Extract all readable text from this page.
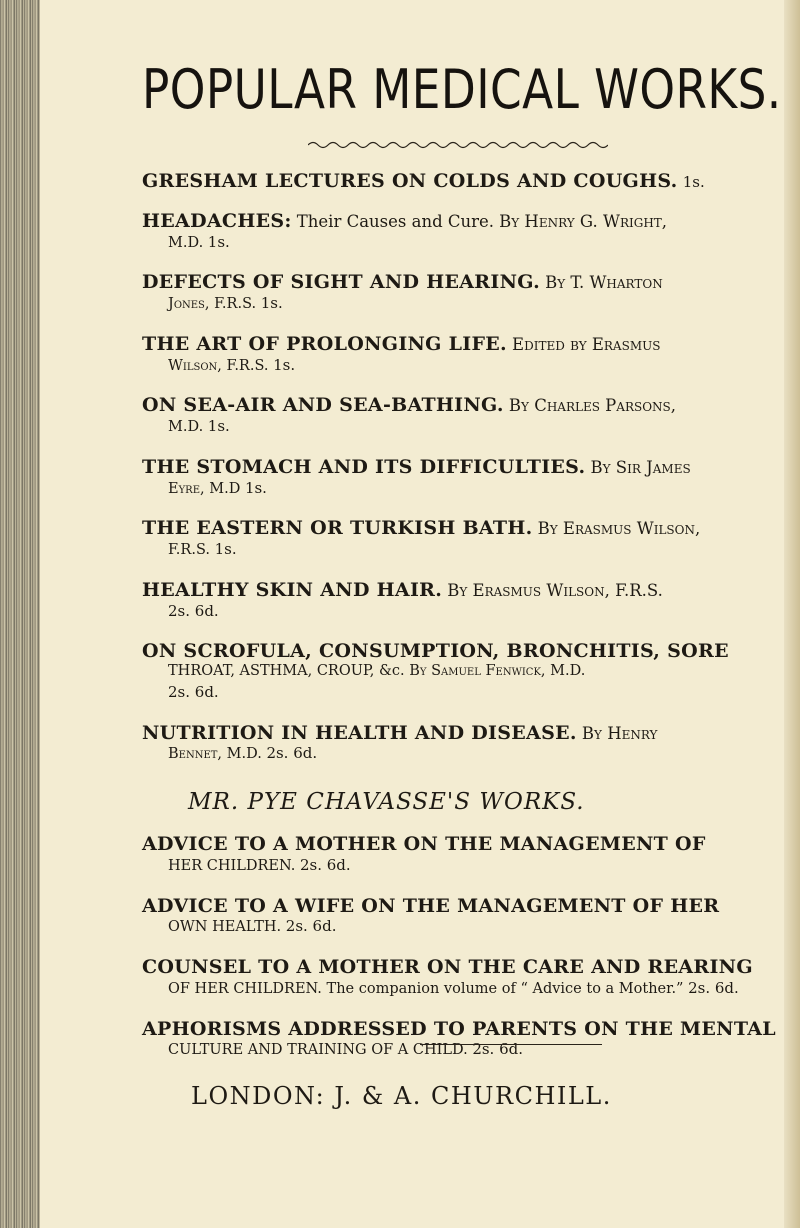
POPULAR MEDICAL WORKS.

GRESHAM LECTURES ON COLDS AND COUGHS. 1s.

HEADACHES: Their Causes and Cure. By Henry G. Wright,

M.D. 1s.

DEFECTS OF SIGHT AND HEARING. By T. Wharton

Jones, F.R.S. 1s.

THE ART OF PROLONGING LIFE. Edited by Erasmus

Wilson, F.R.S. 1s.

ON SEA-AIR AND SEA-BATHING. By Charles Parsons,

M.D. 1s.

THE STOMACH AND ITS DIFFICULTIES. By Sir James

Eyre, M.D 1s.

THE EASTERN OR TURKISH BATH. By Erasmus Wilson,

F.R.S. 1s.

HEALTHY SKIN AND HAIR. By Erasmus Wilson, F.R.S.

2s. 6d.

ON SCROFULA, CONSUMPTION, BRONCHITIS, SORE

THROAT, ASTHMA, CROUP, &c. By Samuel Fenwick, M.D.

2s. 6d.

NUTRITION IN HEALTH AND DISEASE. By Henry

Bennet, M.D. 2s. 6d.

MR. PYE CHAVASSE'S WORKS.

ADVICE TO A MOTHER ON THE MANAGEMENT OF

HER CHILDREN. 2s. 6d.

ADVICE TO A WIFE ON THE MANAGEMENT OF HER

OWN HEALTH. 2s. 6d.

COUNSEL TO A MOTHER ON THE CARE AND REARING

OF HER CHILDREN. The companion volume of “ Advice to a Mother.” 2s. 6d.

APHORISMS ADDRESSED TO PARENTS ON THE MENTAL

CULTURE AND TRAINING OF A CHILD. 2s. 6d.

LONDON: J. & A. CHURCHILL.
